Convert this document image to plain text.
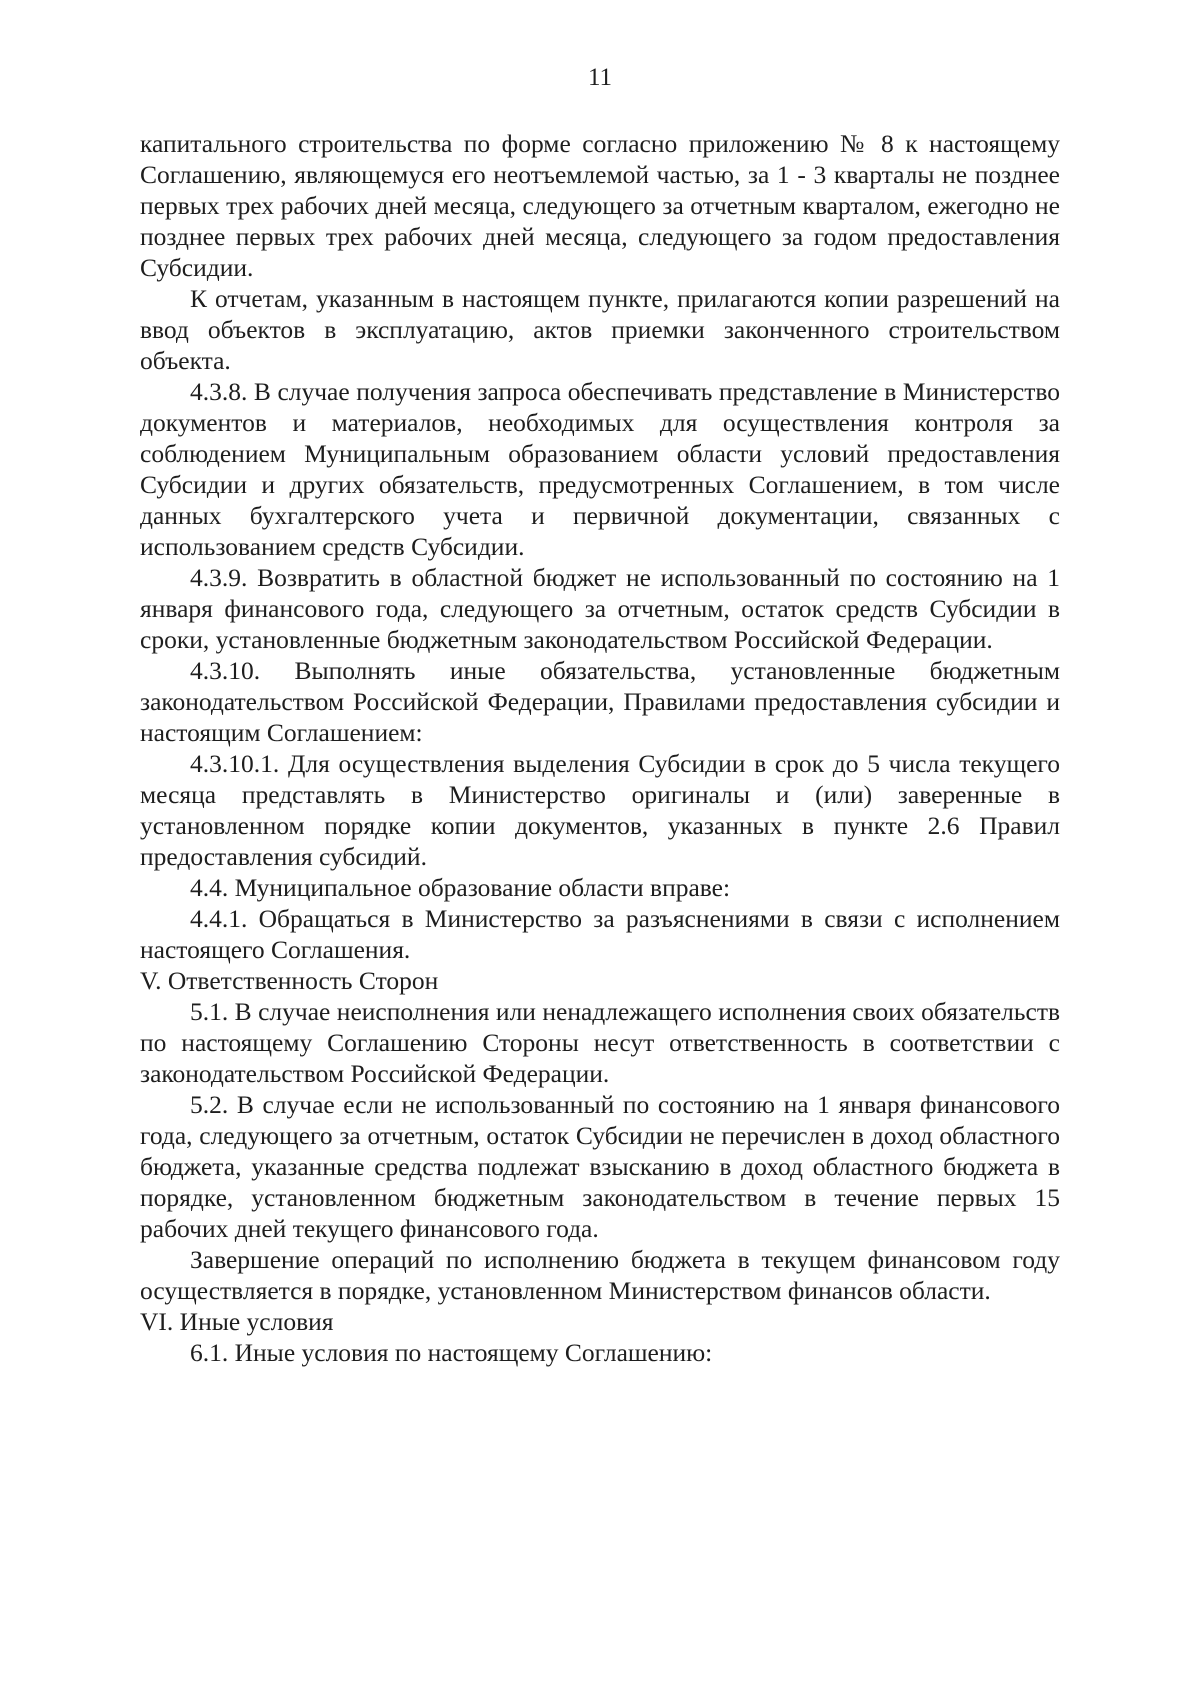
11

капитального строительства по форме согласно приложению № 8 к настоящему Соглашению, являющемуся его неотъемлемой частью, за 1 - 3 кварталы не позднее первых трех рабочих дней месяца, следующего за отчетным кварталом, ежегодно не позднее первых трех рабочих дней месяца, следующего за годом предоставления Субсидии.

К отчетам, указанным в настоящем пункте, прилагаются копии разрешений на ввод объектов в эксплуатацию, актов приемки законченного строительством объекта.

4.3.8. В случае получения запроса обеспечивать представление в Министерство документов и материалов, необходимых для осуществления контроля за соблюдением Муниципальным образованием области условий предоставления Субсидии и других обязательств, предусмотренных Соглашением, в том числе данных бухгалтерского учета и первичной документации, связанных с использованием средств Субсидии.

4.3.9. Возвратить в областной бюджет не использованный по состоянию на 1 января финансового года, следующего за отчетным, остаток средств Субсидии в сроки, установленные бюджетным законодательством Российской Федерации.

4.3.10. Выполнять иные обязательства, установленные бюджетным законодательством Российской Федерации, Правилами предоставления субсидии и настоящим Соглашением:

4.3.10.1. Для осуществления выделения Субсидии в срок до 5 числа текущего месяца представлять в Министерство оригиналы и (или) заверенные в установленном порядке копии документов, указанных в пункте 2.6 Правил предоставления субсидий.

4.4. Муниципальное образование области вправе:

4.4.1. Обращаться в Министерство за разъяснениями в связи с исполнением настоящего Соглашения.

V. Ответственность Сторон

5.1. В случае неисполнения или ненадлежащего исполнения своих обязательств по настоящему Соглашению Стороны несут ответственность в соответствии с законодательством Российской Федерации.

5.2. В случае если не использованный по состоянию на 1 января финансового года, следующего за отчетным, остаток Субсидии не перечислен в доход областного бюджета, указанные средства подлежат взысканию в доход областного бюджета в порядке, установленном бюджетным законодательством в течение первых 15 рабочих дней текущего финансового года.

Завершение операций по исполнению бюджета в текущем финансовом году осуществляется в порядке, установленном Министерством финансов области.

VI. Иные условия

6.1. Иные условия по настоящему Соглашению:
